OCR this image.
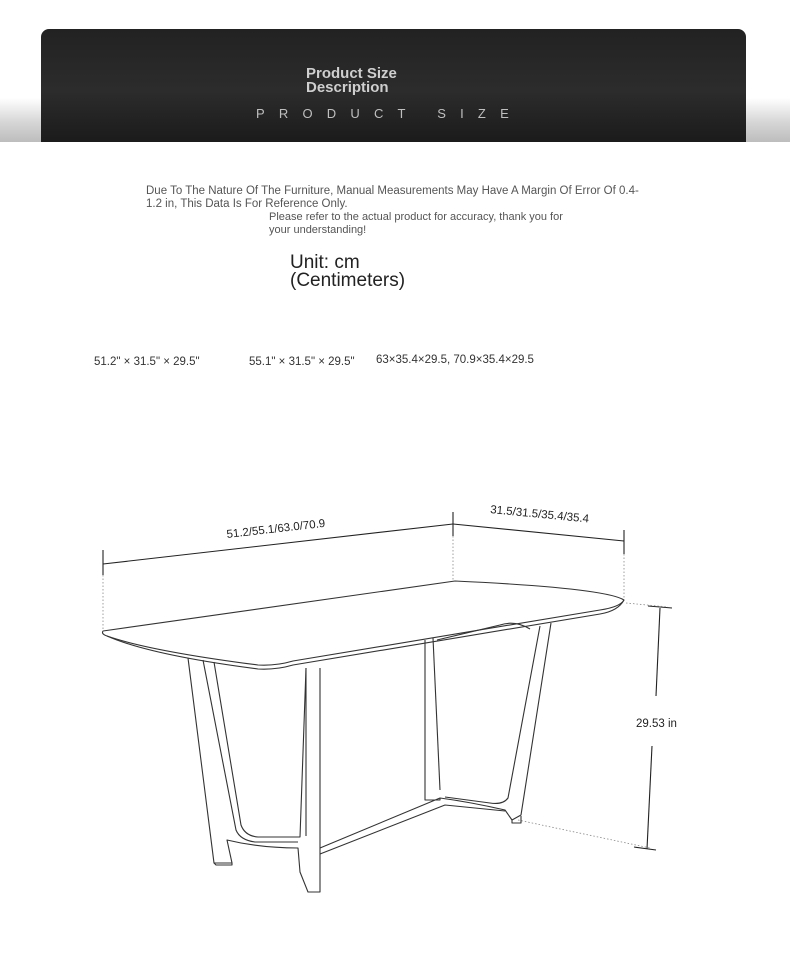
Product Size
Description
PRODUCT SIZE
Due To The Nature Of The Furniture, Manual Measurements May Have A Margin Of Error Of 0.4-1.2 in, This Data Is For Reference Only.
Please refer to the actual product for accuracy, thank you for your understanding!
Unit: cm
(Centimeters)
51.2" × 31.5" × 29.5"	55.1" × 31.5" × 29.5" 63×35.4×29.5, 70.9×35.4×29.5
51.2/55.1/63.0/70.9
31.5/31.5/35.4/35.4
29.53 in
